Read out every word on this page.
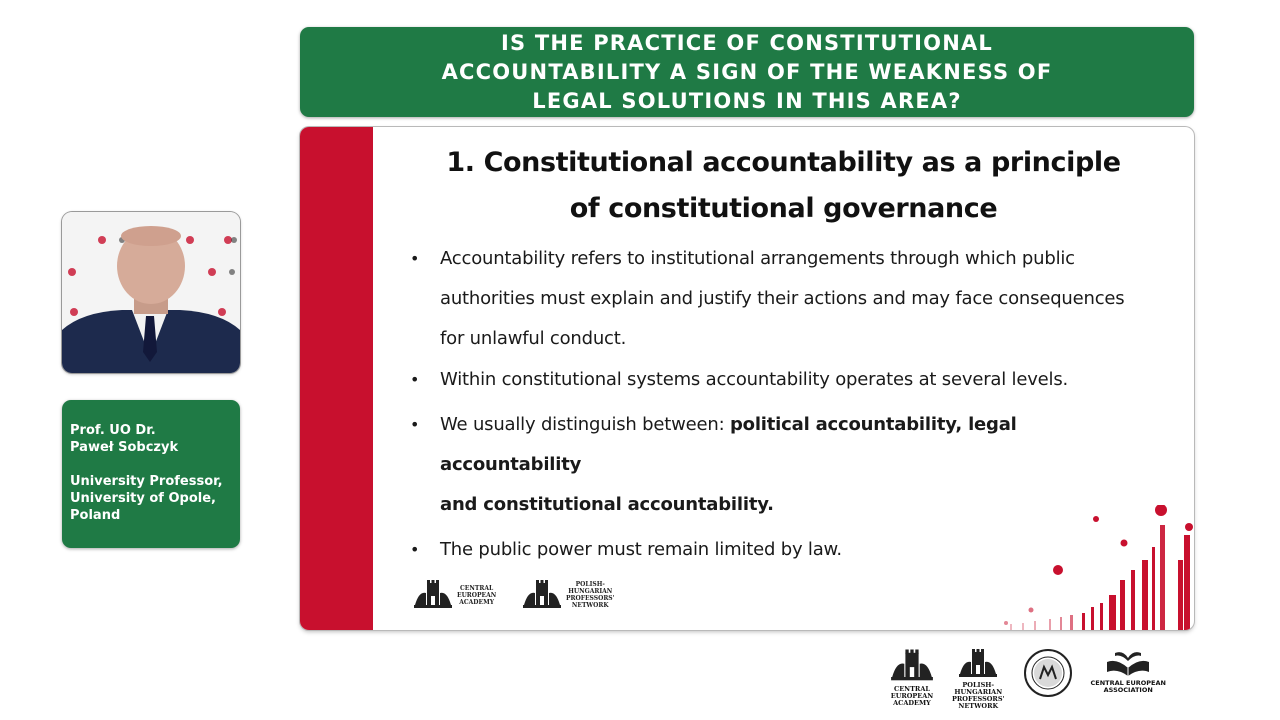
IS THE PRACTICE OF CONSTITUTIONAL
ACCOUNTABILITY A SIGN OF THE WEAKNESS OF
LEGAL SOLUTIONS IN THIS AREA?
1. Constitutional accountability as a principle
of constitutional governance
• Accountability refers to institutional arrangements through which public
authorities must explain and justify their actions and may face consequences
for unlawful conduct.
• Within constitutional systems accountability operates at several levels.
• We usually distinguish between: political accountability, legal accountability
and constitutional accountability.
• The public power must remain limited by law.
CENTRAL
EUROPEAN
ACADEMY
POLISH-
HUNGARIAN
PROFESSORS'
NETWORK
Prof. UO Dr.
Paweł Sobczyk
University Professor,
University of Opole,
Poland
CENTRAL
EUROPEAN
ACADEMY
POLISH-
HUNGARIAN
PROFESSORS'
NETWORK
CENTRAL EUROPEAN
ASSOCIATION
